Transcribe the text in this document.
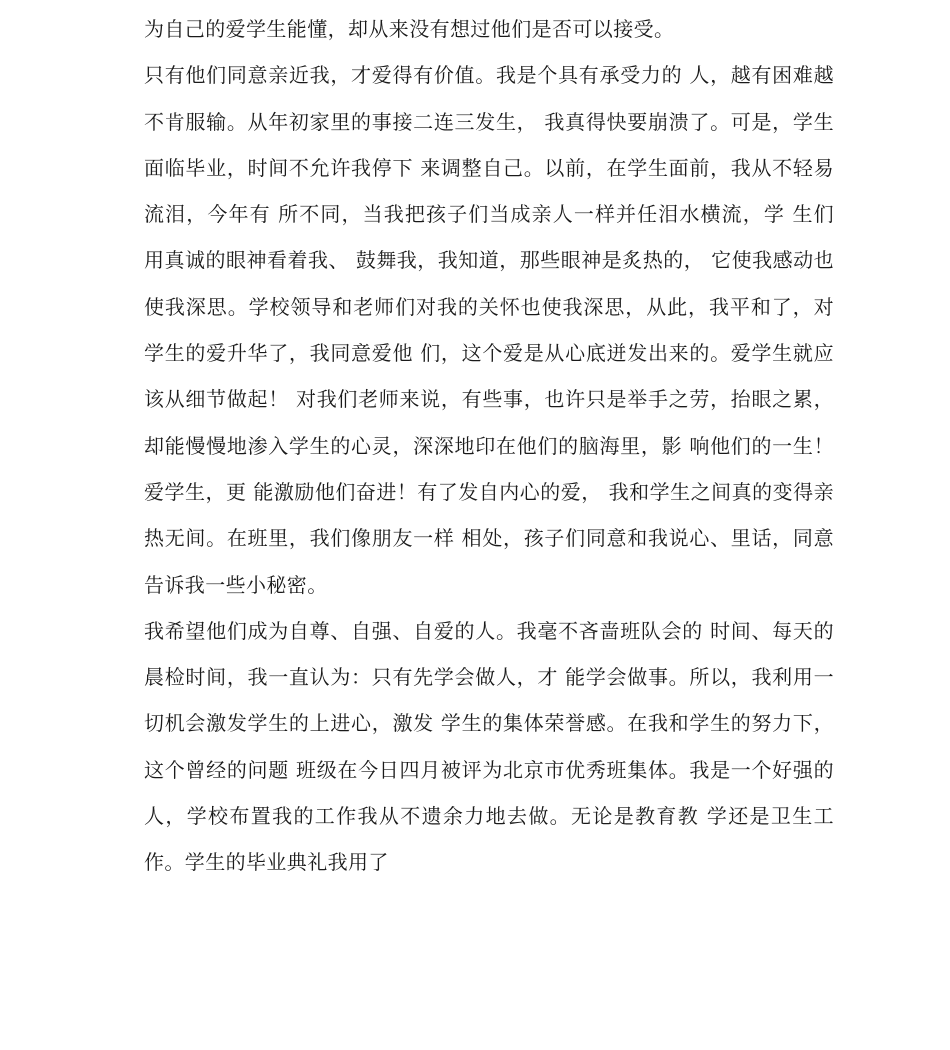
为自己的爱学生能懂，却从来没有想过他们是否可以接受。

只有他们同意亲近我，才爱得有价值。我是个具有承受力的 人，越有困难越不肯服输。从年初家里的事接二连三发生， 我真得快要崩溃了。可是，学生面临毕业，时间不允许我停下 来调整自己。以前，在学生面前，我从不轻易流泪，今年有 所不同，当我把孩子们当成亲人一样并任泪水横流，学 生们 用真诚的眼神看着我、 鼓舞我，我知道，那些眼神是炙热的， 它使我感动也使我深思。学校领导和老师们对我的关怀也使我深思，从此，我平和了，对学生的爱升华了，我同意爱他 们，这个爱是从心底迸发出来的。爱学生就应该从细节做起！ 对我们老师来说，有些事，也许只是举手之劳，抬眼之累， 却能慢慢地渗入学生的心灵，深深地印在他们的脑海里，影 响他们的一生！爱学生，更 能激励他们奋进！有了发自内心的爱， 我和学生之间真的变得亲热无间。在班里，我们像朋友一样 相处，孩子们同意和我说心、里话，同意告诉我一些小秘密。

我希望他们成为自尊、自强、自爱的人。我毫不吝啬班队会的 时间、每天的晨检时间，我一直认为：只有先学会做人，才 能学会做事。所以，我利用一切机会激发学生的上进心，激发 学生的集体荣誉感。在我和学生的努力下，这个曾经的问题 班级在今日四月被评为北京市优秀班集体。我是一个好强的 人，学校布置我的工作我从不遗余力地去做。无论是教育教 学还是卫生工作。学生的毕业典礼我用了
